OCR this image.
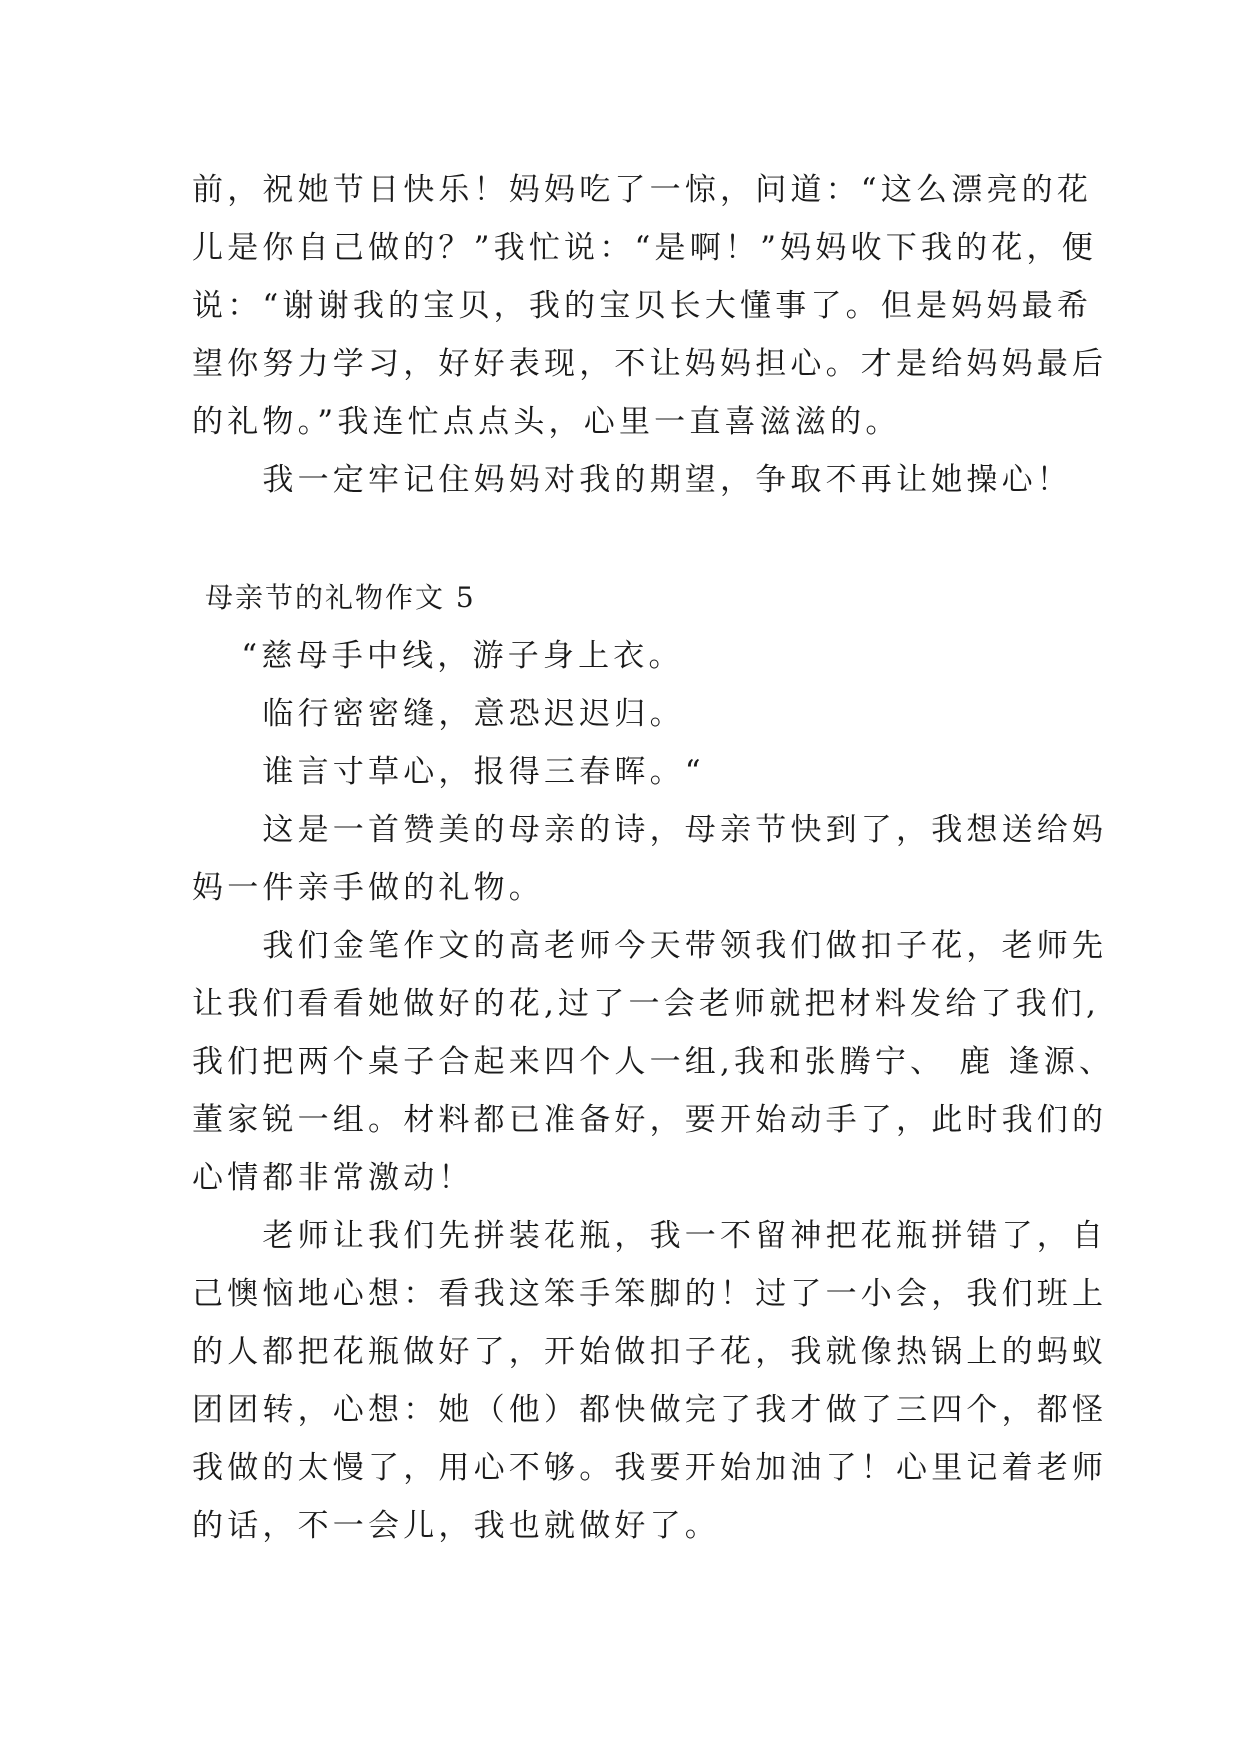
前，祝她节日快乐！妈妈吃了一惊，问道：“这么漂亮的花
儿是你自己做的？”我忙说：“是啊！”妈妈收下我的花，便
说：“谢谢我的宝贝，我的宝贝长大懂事了。但是妈妈最希
望你努力学习，好好表现，不让妈妈担心。才是给妈妈最后
的礼物。”我连忙点点头，心里一直喜滋滋的。
　　我一定牢记住妈妈对我的期望，争取不再让她操心！
母亲节的礼物作文 5
　 “慈母手中线，游子身上衣。
　　临行密密缝，意恐迟迟归。
　　谁言寸草心，报得三春晖。“
　　这是一首赞美的母亲的诗，母亲节快到了，我想送给妈
妈一件亲手做的礼物。
　　我们金笔作文的高老师今天带领我们做扣子花，老师先
让我们看看她做好的花,过了一会老师就把材料发给了我们,
我们把两个桌子合起来四个人一组,我和张腾宁、 鹿 逢源、
董家锐一组。材料都已准备好，要开始动手了，此时我们的
心情都非常激动！
　　老师让我们先拼装花瓶，我一不留神把花瓶拼错了，自
己懊恼地心想：看我这笨手笨脚的！过了一小会，我们班上
的人都把花瓶做好了，开始做扣子花，我就像热锅上的蚂蚁
团团转，心想：她（他）都快做完了我才做了三四个，都怪
我做的太慢了，用心不够。我要开始加油了！心里记着老师
的话，不一会儿，我也就做好了。
